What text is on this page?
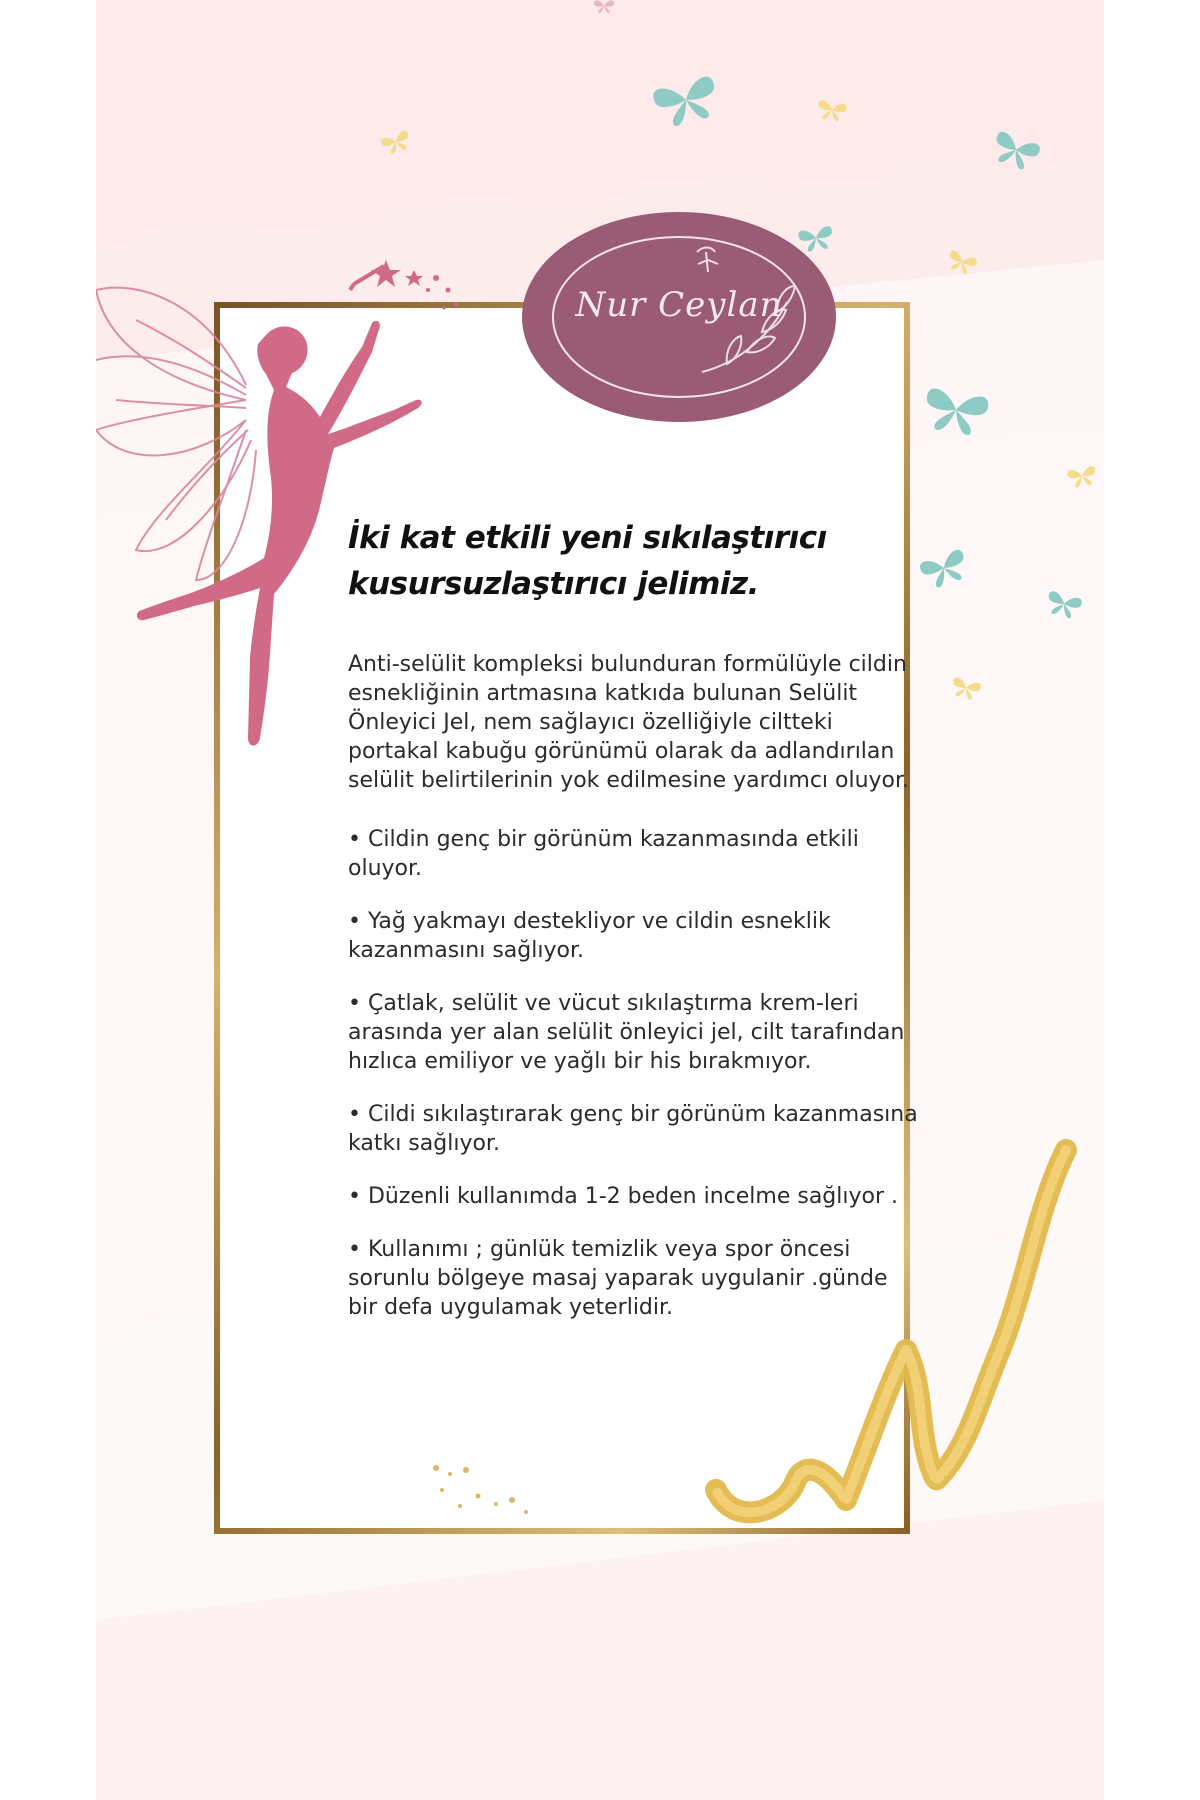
Nur Ceylan
İki kat etkili yeni sıkılaştırıcı
kusursuzlaştırıcı jelimiz.

Anti-selülit kompleksi bulunduran formülüyle cildin esnekliğinin artmasına katkıda bulunan Selülit Önleyici Jel, nem sağlayıcı özelliğiyle ciltteki portakal kabuğu görünümü olarak da adlandırılan selülit belirtilerinin yok edilmesine yardımcı oluyor.

• Cildin genç bir görünüm kazanmasında etkili oluyor.

• Yağ yakmayı destekliyor ve cildin esneklik kazanmasını sağlıyor.

• Çatlak, selülit ve vücut sıkılaştırma krem-leri arasında yer alan selülit önleyici jel, cilt tarafından hızlıca emiliyor ve yağlı bir his bırakmıyor.

• Cildi sıkılaştırarak genç bir görünüm kazanmasına katkı sağlıyor.

• Düzenli kullanımda 1-2 beden incelme sağlıyor .

• Kullanımı ; günlük temizlik veya spor öncesi sorunlu bölgeye masaj yaparak uygulanir .günde bir defa uygulamak yeterlidir.
